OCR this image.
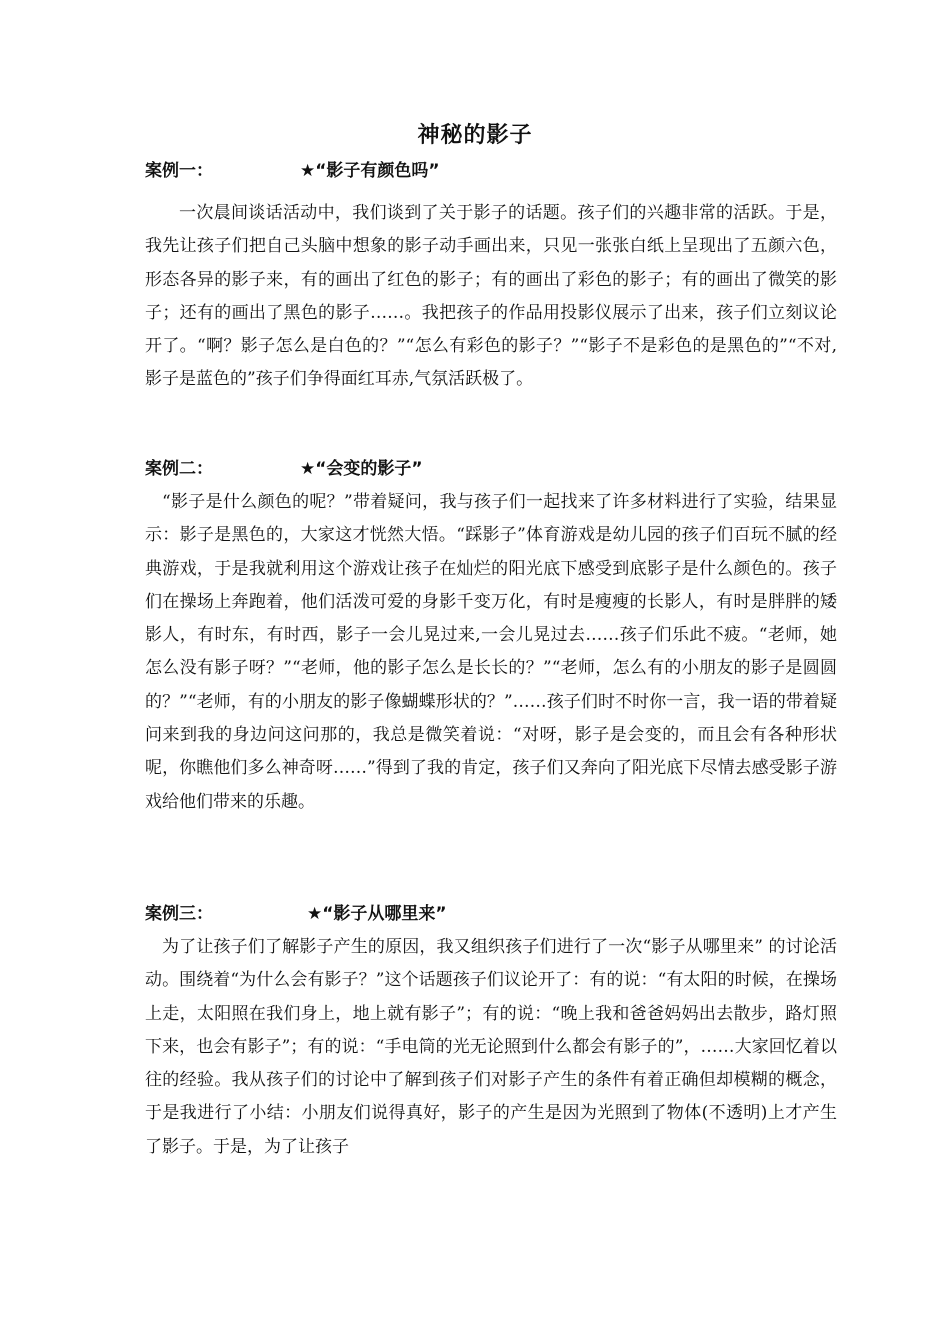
神秘的影子
案例一：	★“影子有颜色吗”

一次晨间谈话活动中，我们谈到了关于影子的话题。孩子们的兴趣非常的活跃。于是，我先让孩子们把自己头脑中想象的影子动手画出来，只见一张张白纸上呈现出了五颜六色，形态各异的影子来，有的画出了红色的影子；有的画出了彩色的影子；有的画出了微笑的影子；还有的画出了黑色的影子……。我把孩子的作品用投影仪展示了出来，孩子们立刻议论开了。“啊？影子怎么是白色的？”“怎么有彩色的影子？”“影子不是彩色的是黑色的”“不对,影子是蓝色的”孩子们争得面红耳赤,气氛活跃极了。

案例二：	★“会变的影子”

“影子是什么颜色的呢？”带着疑问，我与孩子们一起找来了许多材料进行了实验，结果显示：影子是黑色的，大家这才恍然大悟。“踩影子”体育游戏是幼儿园的孩子们百玩不腻的经典游戏，于是我就利用这个游戏让孩子在灿烂的阳光底下感受到底影子是什么颜色的。孩子们在操场上奔跑着，他们活泼可爱的身影千变万化，有时是瘦瘦的长影人，有时是胖胖的矮影人，有时东，有时西，影子一会儿晃过来,一会儿晃过去……孩子们乐此不疲。“老师，她怎么没有影子呀？”“老师，他的影子怎么是长长的？”“老师，怎么有的小朋友的影子是圆圆的？”“老师，有的小朋友的影子像蝴蝶形状的？”……孩子们时不时你一言，我一语的带着疑问来到我的身边问这问那的，我总是微笑着说：“对呀，影子是会变的，而且会有各种形状呢，你瞧他们多么神奇呀……”得到了我的肯定，孩子们又奔向了阳光底下尽情去感受影子游戏给他们带来的乐趣。

案例三：	★“影子从哪里来”

为了让孩子们了解影子产生的原因，我又组织孩子们进行了一次“影子从哪里来” 的讨论活动。围绕着“为什么会有影子？”这个话题孩子们议论开了：有的说：“有太阳的时候，在操场上走，太阳照在我们身上，地上就有影子”；有的说：“晚上我和爸爸妈妈出去散步，路灯照下来，也会有影子”；有的说：“手电筒的光无论照到什么都会有影子的”，……大家回忆着以往的经验。我从孩子们的讨论中了解到孩子们对影子产生的条件有着正确但却模糊的概念，于是我进行了小结：小朋友们说得真好，影子的产生是因为光照到了物体(不透明)上才产生了影子。于是，为了让孩子
